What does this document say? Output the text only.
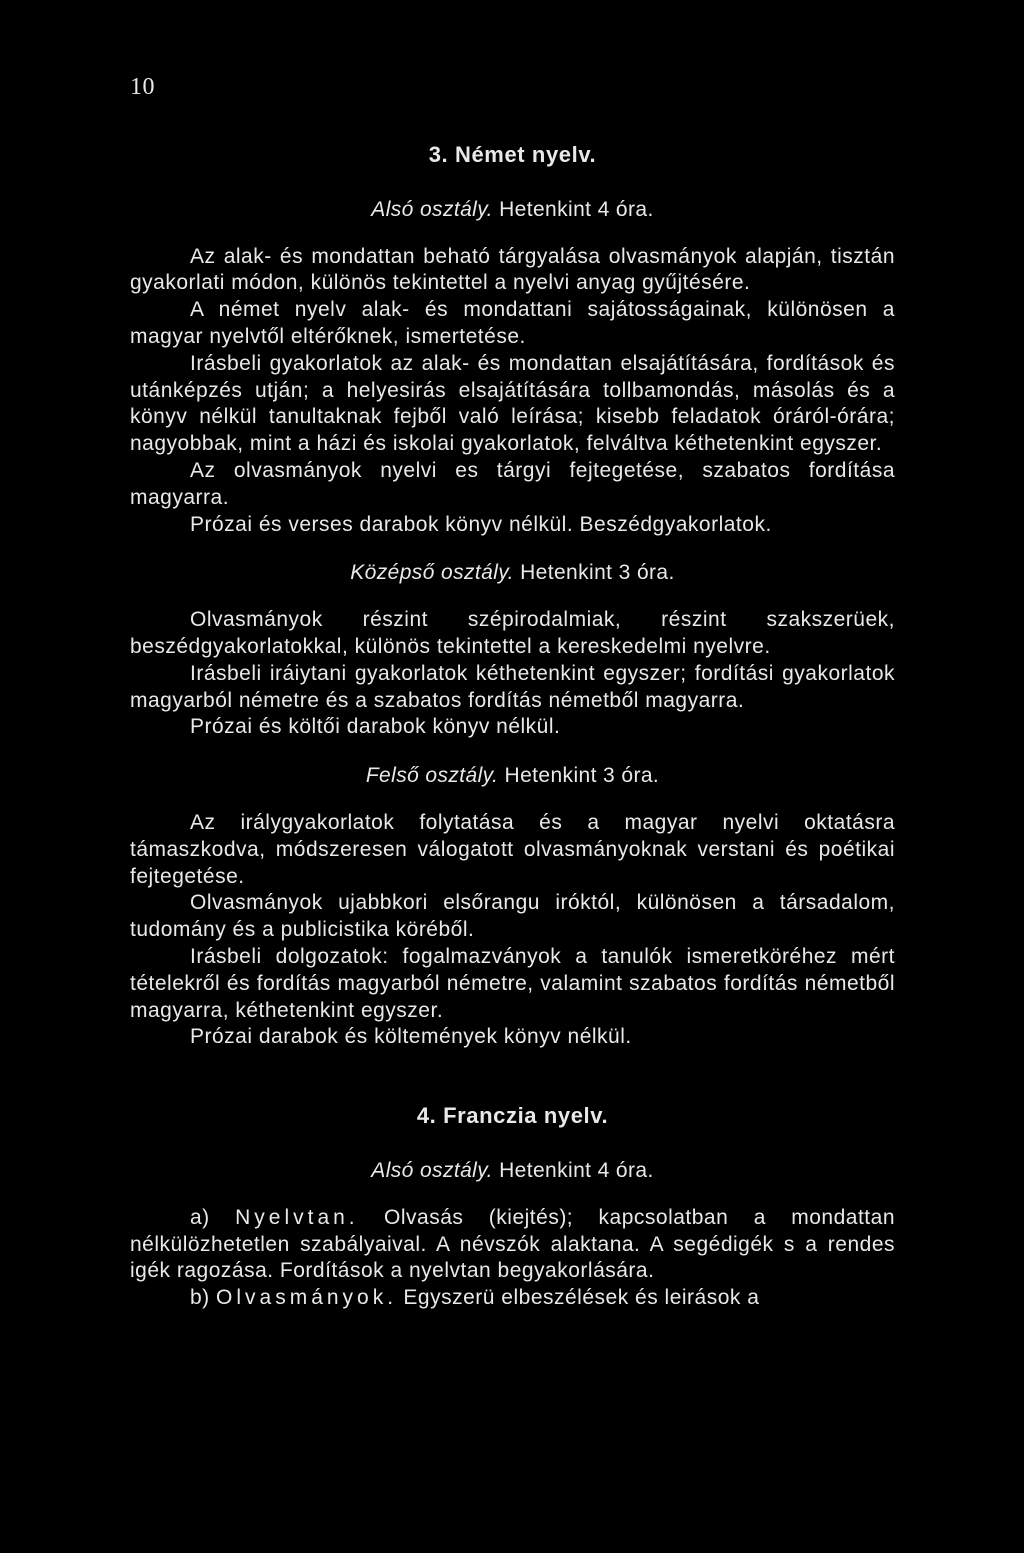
10
3. Német nyelv.
Alsó osztály. Hetenkint 4 óra.

Az alak- és mondattan beható tárgyalása olvasmányok alapján, tisztán gyakorlati módon, különös tekintettel a nyelvi anyag gyűjtésére.

A német nyelv alak- és mondattani sajátosságainak, különösen a magyar nyelvtől eltérőknek, ismertetése.

Irásbeli gyakorlatok az alak- és mondattan elsajátítására, fordítások és utánképzés utján; a helyesirás elsajátítására tollbamondás, másolás és a könyv nélkül tanultaknak fejből való leírása; kisebb feladatok óráról-órára; nagyobbak, mint a házi és iskolai gyakorlatok, felváltva kéthetenkint egyszer.

Az olvasmányok nyelvi es tárgyi fejtegetése, szabatos fordítása magyarra.

Prózai és verses darabok könyv nélkül. Beszédgyakorlatok.

Középső osztály. Hetenkint 3 óra.

Olvasmányok részint szépirodalmiak, részint szakszerüek, beszédgyakorlatokkal, különös tekintettel a kereskedelmi nyelvre.

Irásbeli iráiytani gyakorlatok kéthetenkint egyszer; fordítási gyakorlatok magyarból németre és a szabatos fordítás németből magyarra.

Prózai és költői darabok könyv nélkül.

Felső osztály. Hetenkint 3 óra.

Az irálygyakorlatok folytatása és a magyar nyelvi oktatásra támaszkodva, módszeresen válogatott olvasmányoknak verstani és poétikai fejtegetése.

Olvasmányok ujabbkori elsőrangu iróktól, különösen a társadalom, tudomány és a publicistika köréből.

Irásbeli dolgozatok: fogalmazványok a tanulók ismeretköréhez mért tételekről és fordítás magyarból németre, valamint szabatos fordítás németből magyarra, kéthetenkint egyszer.

Prózai darabok és költemények könyv nélkül.

4. Franczia nyelv.
Alsó osztály. Hetenkint 4 óra.

a) Nyelvtan. Olvasás (kiejtés); kapcsolatban a mondattan nélkülözhetetlen szabályaival. A névszók alaktana. A segédigék s a rendes igék ragozása. Fordítások a nyelvtan begyakorlására.

b) Olvasmányok. Egyszerü elbeszélések és leirások a
